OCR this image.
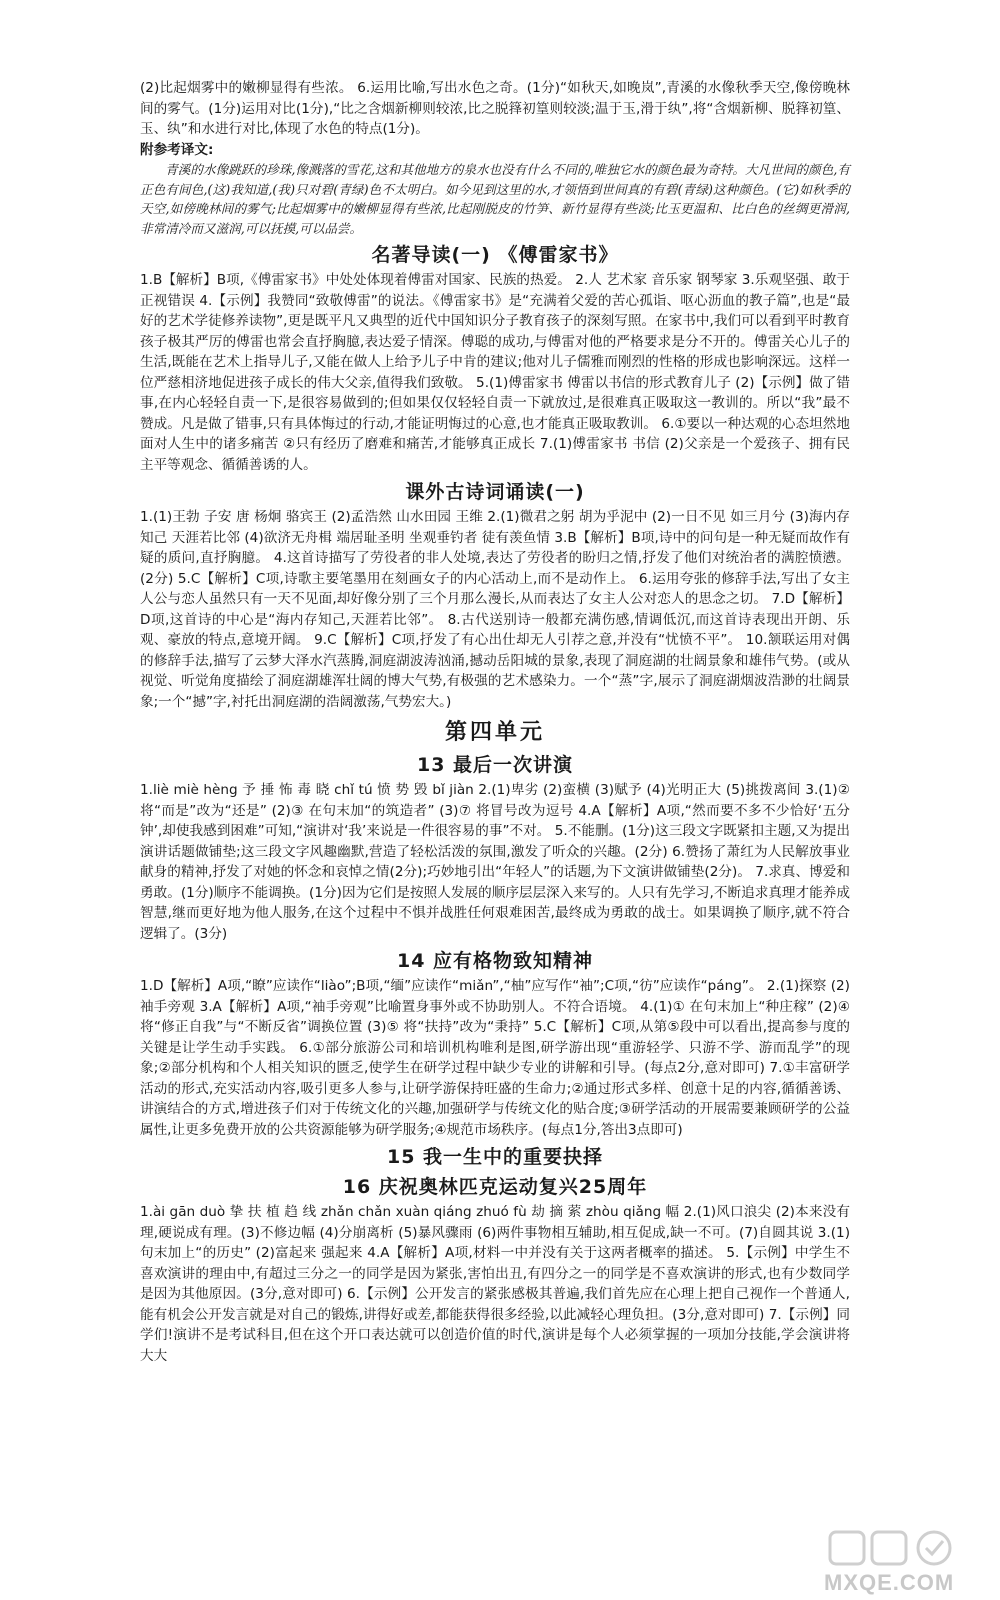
(2)比起烟雾中的嫩柳显得有些浓。 6.运用比喻,写出水色之奇。(1分)“如秋天,如晚岚”,青溪的水像秋季天空,像傍晚林间的雾气。(1分)运用对比(1分),“比之含烟新柳则较浓,比之脱箨初篁则较淡;温于玉,滑于纨”,将“含烟新柳、脱箨初篁、玉、纨”和水进行对比,体现了水色的特点(1分)。

附参考译文:

青溪的水像跳跃的珍珠,像溅落的雪花,这和其他地方的泉水也没有什么不同的,唯独它水的颜色最为奇特。大凡世间的颜色,有正色有间色,(这)我知道,(我)只对碧(青绿)色不太明白。如今见到这里的水,才领悟到世间真的有碧(青绿)这种颜色。(它)如秋季的天空,如傍晚林间的雾气;比起烟雾中的嫩柳显得有些浓,比起刚脱皮的竹笋、新竹显得有些淡;比玉更温和、比白色的丝绸更滑润,非常清冷而又滋润,可以抚摸,可以品尝。

名著导读(一) 《傅雷家书》

1.B【解析】B项,《傅雷家书》中处处体现着傅雷对国家、民族的热爱。 2.人 艺术家 音乐家 钢琴家 3.乐观坚强、敢于正视错误 4.【示例】我赞同“致敬傅雷”的说法。《傅雷家书》是“充满着父爱的苦心孤诣、呕心沥血的教子篇”,也是“最好的艺术学徒修养读物”,更是既平凡又典型的近代中国知识分子教育孩子的深刻写照。在家书中,我们可以看到平时教育孩子极其严厉的傅雷也常会直抒胸臆,表达爱子情深。傅聪的成功,与傅雷对他的严格要求是分不开的。傅雷关心儿子的生活,既能在艺术上指导儿子,又能在做人上给予儿子中肯的建议;他对儿子儒雅而刚烈的性格的形成也影响深远。这样一位严慈相济地促进孩子成长的伟大父亲,值得我们致敬。 5.(1)傅雷家书 傅雷以书信的形式教育儿子 (2)【示例】做了错事,在内心轻轻自责一下,是很容易做到的;但如果仅仅轻轻自责一下就放过,是很难真正吸取这一教训的。所以“我”最不赞成。凡是做了错事,只有具体悔过的行动,才能证明悔过的心意,也才能真正吸取教训。 6.①要以一种达观的心态坦然地面对人生中的诸多痛苦 ②只有经历了磨难和痛苦,才能够真正成长 7.(1)傅雷家书 书信 (2)父亲是一个爱孩子、拥有民主平等观念、循循善诱的人。

课外古诗词诵读(一)

1.(1)王勃 子安 唐 杨炯 骆宾王 (2)孟浩然 山水田园 王维 2.(1)微君之躬 胡为乎泥中 (2)一日不见 如三月兮 (3)海内存知己 天涯若比邻 (4)欲济无舟楫 端居耻圣明 坐观垂钓者 徒有羡鱼情 3.B【解析】B项,诗中的问句是一种无疑而故作有疑的质问,直抒胸臆。 4.这首诗描写了劳役者的非人处境,表达了劳役者的盼归之情,抒发了他们对统治者的满腔愤懑。(2分) 5.C【解析】C项,诗歌主要笔墨用在刻画女子的内心活动上,而不是动作上。 6.运用夸张的修辞手法,写出了女主人公与恋人虽然只有一天不见面,却好像分别了三个月那么漫长,从而表达了女主人公对恋人的思念之切。 7.D【解析】D项,这首诗的中心是“海内存知己,天涯若比邻”。 8.古代送别诗一般都充满伤感,情调低沉,而这首诗表现出开朗、乐观、豪放的特点,意境开阔。 9.C【解析】C项,抒发了有心出仕却无人引荐之意,并没有“忧愤不平”。 10.颔联运用对偶的修辞手法,描写了云梦大泽水汽蒸腾,洞庭湖波涛汹涌,撼动岳阳城的景象,表现了洞庭湖的壮阔景象和雄伟气势。(或从视觉、听觉角度描绘了洞庭湖雄浑壮阔的博大气势,有极强的艺术感染力。一个“蒸”字,展示了洞庭湖烟波浩渺的壮阔景象;一个“撼”字,衬托出洞庭湖的浩阔激荡,气势宏大。)

第四单元
13 最后一次讲演

1.liè miè hèng 予 捶 怖 毒 晓 chǐ tú 愤 势 毁 bǐ jiàn 2.(1)卑劣 (2)蛮横 (3)赋予 (4)光明正大 (5)挑拨离间 3.(1)② 将“而是”改为“还是” (2)③ 在句末加“的筑造者” (3)⑦ 将冒号改为逗号 4.A【解析】A项,“然而要不多不少恰好‘五分钟’,却使我感到困难”可知,“演讲对‘我’来说是一件很容易的事”不对。 5.不能删。(1分)这三段文字既紧扣主题,又为提出演讲话题做铺垫;这三段文字风趣幽默,营造了轻松活泼的氛围,激发了听众的兴趣。(2分) 6.赞扬了萧红为人民解放事业献身的精神,抒发了对她的怀念和哀悼之情(2分);巧妙地引出“年轻人”的话题,为下文演讲做铺垫(2分)。 7.求真、博爱和勇敢。(1分)顺序不能调换。(1分)因为它们是按照人发展的顺序层层深入来写的。人只有先学习,不断追求真理才能养成智慧,继而更好地为他人服务,在这个过程中不惧并战胜任何艰难困苦,最终成为勇敢的战士。如果调换了顺序,就不符合逻辑了。(3分)

14 应有格物致知精神

1.D【解析】A项,“瞭”应读作“liào”;B项,“缅”应读作“miǎn”,“柚”应写作“袖”;C项,“彷”应读作“páng”。 2.(1)探察 (2)袖手旁观 3.A【解析】A项,“袖手旁观”比喻置身事外或不协助别人。不符合语境。 4.(1)① 在句末加上“种庄稼” (2)④ 将“修正自我”与“不断反省”调换位置 (3)⑤ 将“扶持”改为“秉持” 5.C【解析】C项,从第⑤段中可以看出,提高参与度的关键是让学生动手实践。 6.①部分旅游公司和培训机构唯利是图,研学游出现“重游轻学、只游不学、游而乱学”的现象;②部分机构和个人相关知识的匮乏,使学生在研学过程中缺少专业的讲解和引导。(每点2分,意对即可) 7.①丰富研学活动的形式,充实活动内容,吸引更多人参与,让研学游保持旺盛的生命力;②通过形式多样、创意十足的内容,循循善诱、讲演结合的方式,增进孩子们对于传统文化的兴趣,加强研学与传统文化的贴合度;③研学活动的开展需要兼顾研学的公益属性,让更多免费开放的公共资源能够为研学服务;④规范市场秩序。(每点1分,答出3点即可)

15 我一生中的重要抉择
16 庆祝奥林匹克运动复兴25周年

1.ài gān duò 挚 扶 植 趋 线 zhǎn chǎn xuàn qiáng zhuó fù 劫 摘 萦 zhòu qiǎng 幅 2.(1)风口浪尖 (2)本来没有理,硬说成有理。(3)不修边幅 (4)分崩离析 (5)暴风骤雨 (6)两件事物相互辅助,相互促成,缺一不可。(7)自圆其说 3.(1)句末加上“的历史” (2)富起来 强起来 4.A【解析】A项,材料一中并没有关于这两者概率的描述。 5.【示例】中学生不喜欢演讲的理由中,有超过三分之一的同学是因为紧张,害怕出丑,有四分之一的同学是不喜欢演讲的形式,也有少数同学是因为其他原因。(3分,意对即可) 6.【示例】公开发言的紧张感极其普遍,我们首先应在心理上把自己视作一个普通人,能有机会公开发言就是对自己的锻炼,讲得好或差,都能获得很多经验,以此减轻心理负担。(3分,意对即可) 7.【示例】同学们!演讲不是考试科目,但在这个开口表达就可以创造价值的时代,演讲是每个人必须掌握的一项加分技能,学会演讲将大大

MXQE.COM
